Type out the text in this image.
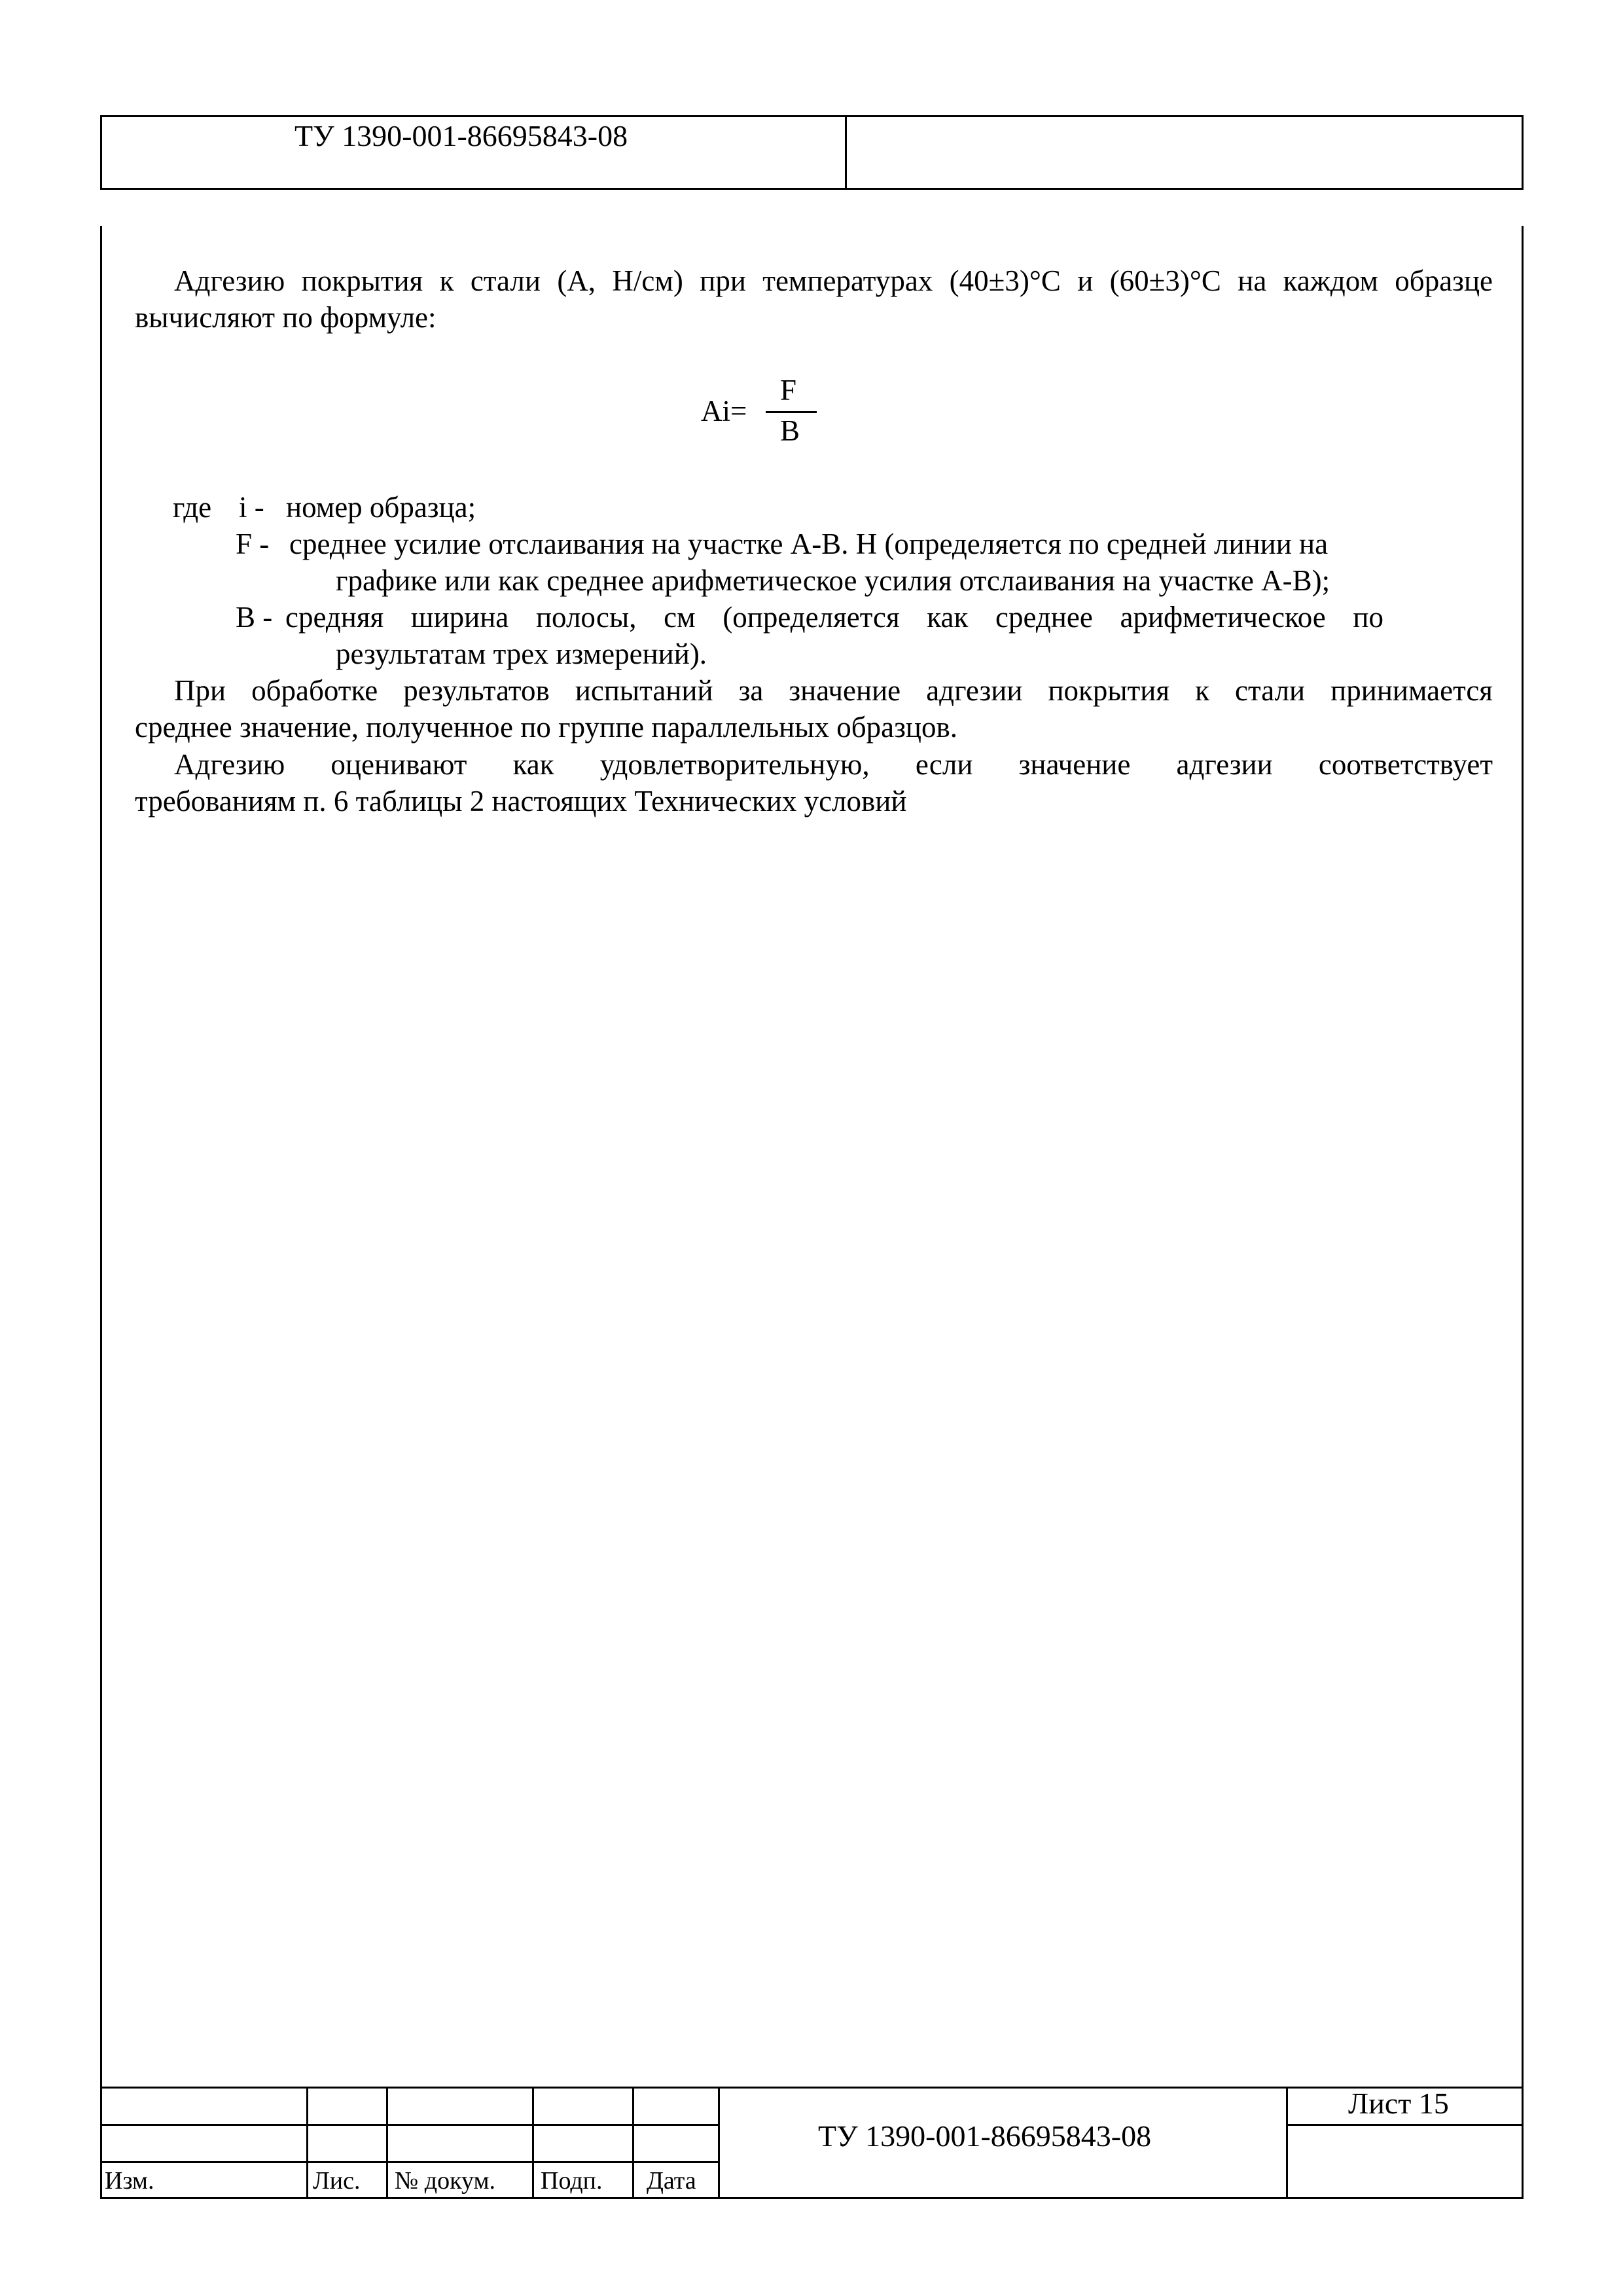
ТУ 1390-001-86695843-08
Адгезию покрытия к стали (А, Н/см) при температурах (40±3)°С и (60±3)°С на каждом образце
вычисляют по формуле:
Ai=
F
B
где i - номер образца;
F - среднее усилие отслаивания на участке А-В. Н (определяется по средней линии на
графике или как среднее арифметическое усилия отслаивания на участке А-В);
В - средняя ширина полосы, см (определяется как среднее арифметическое по
результатам трех измерений).
При обработке результатов испытаний за значение адгезии покрытия к стали принимается
среднее значение, полученное по группе параллельных образцов.
Адгезию оценивают как удовлетворительную, если значение адгезии соответствует
требованиям п. 6 таблицы 2 настоящих Технических условий
Изм.	Лис. № докум. Подп. Дата
ТУ 1390-001-86695843-08
Лист 15
